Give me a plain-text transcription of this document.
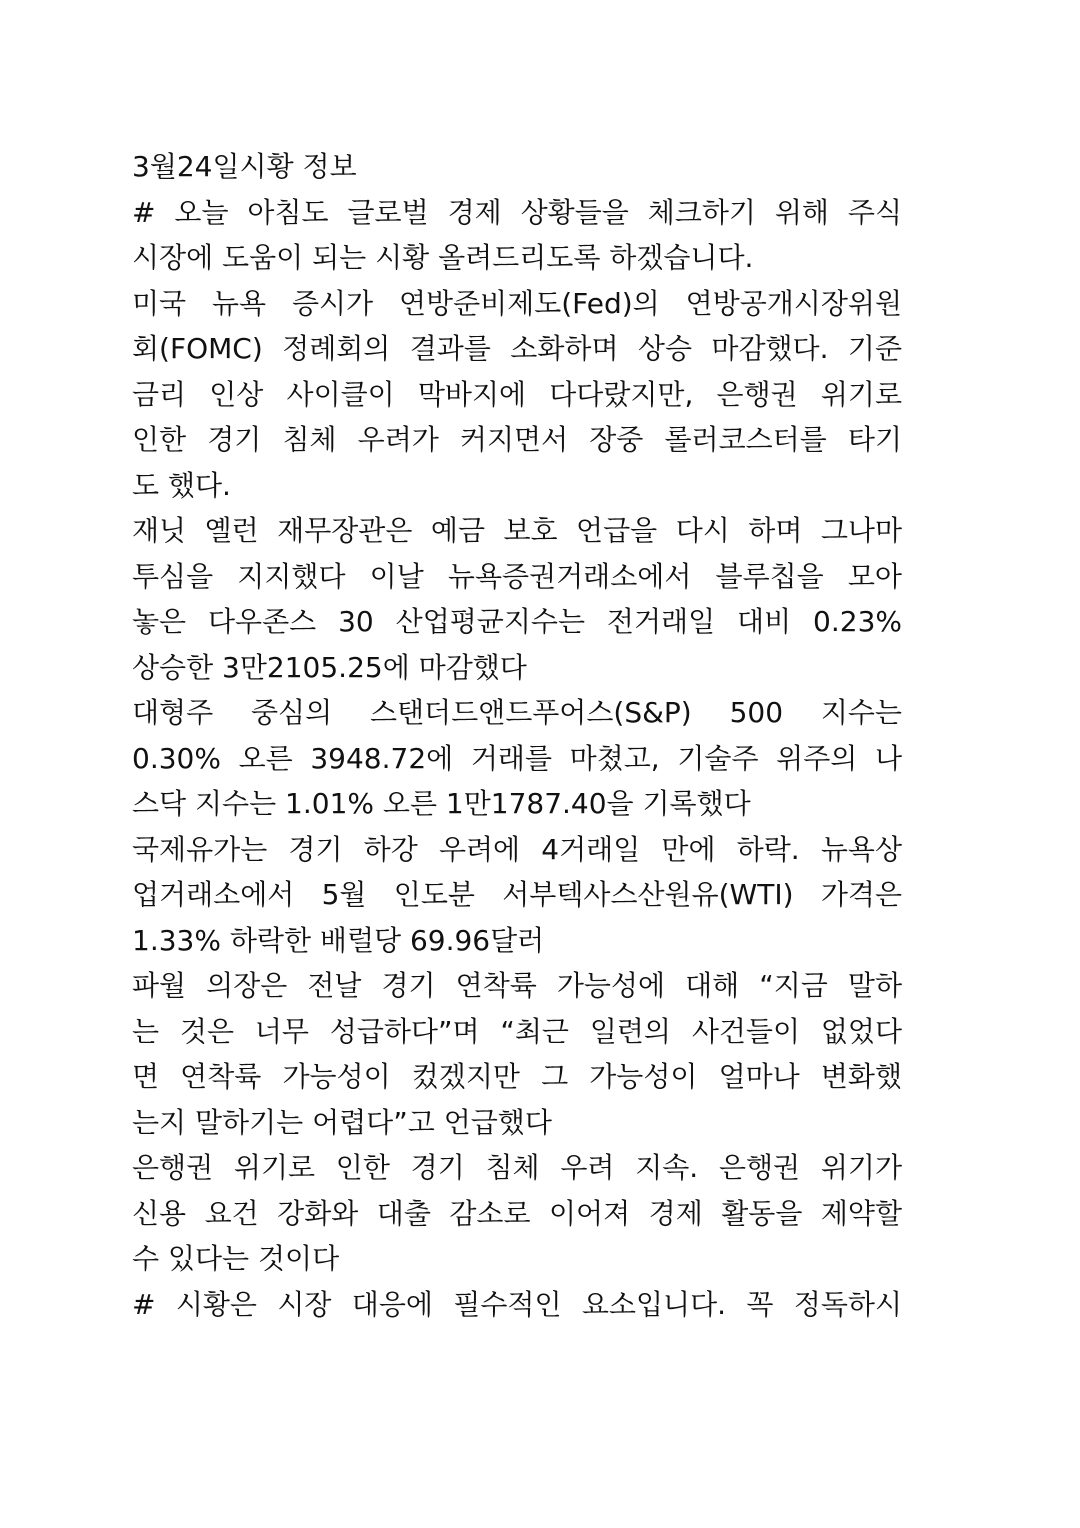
3월24일시황 정보
# 오늘 아침도 글로벌 경제 상황들을 체크하기 위해 주식
시장에 도움이 되는 시황 올려드리도록 하겠습니다.
미국 뉴욕 증시가 연방준비제도(Fed)의 연방공개시장위원
회(FOMC) 정례회의 결과를 소화하며 상승 마감했다. 기준
금리 인상 사이클이 막바지에 다다랐지만, 은행권 위기로
인한 경기 침체 우려가 커지면서 장중 롤러코스터를 타기
도 했다.
재닛 옐런 재무장관은 예금 보호 언급을 다시 하며 그나마
투심을 지지했다 이날 뉴욕증권거래소에서 블루칩을 모아
놓은 다우존스 30 산업평균지수는 전거래일 대비 0.23%
상승한 3만2105.25에 마감했다
대형주 중심의 스탠더드앤드푸어스(S&P) 500 지수는
0.30% 오른 3948.72에 거래를 마쳤고, 기술주 위주의 나
스닥 지수는 1.01% 오른 1만1787.40을 기록했다
국제유가는 경기 하강 우려에 4거래일 만에 하락. 뉴욕상
업거래소에서 5월 인도분 서부텍사스산원유(WTI) 가격은
1.33% 하락한 배럴당 69.96달러
파월 의장은 전날 경기 연착륙 가능성에 대해 “지금 말하
는 것은 너무 성급하다”며 “최근 일련의 사건들이 없었다
면 연착륙 가능성이 컸겠지만 그 가능성이 얼마나 변화했
는지 말하기는 어렵다”고 언급했다
은행권 위기로 인한 경기 침체 우려 지속. 은행권 위기가
신용 요건 강화와 대출 감소로 이어져 경제 활동을 제약할
수 있다는 것이다
# 시황은 시장 대응에 필수적인 요소입니다. 꼭 정독하시
